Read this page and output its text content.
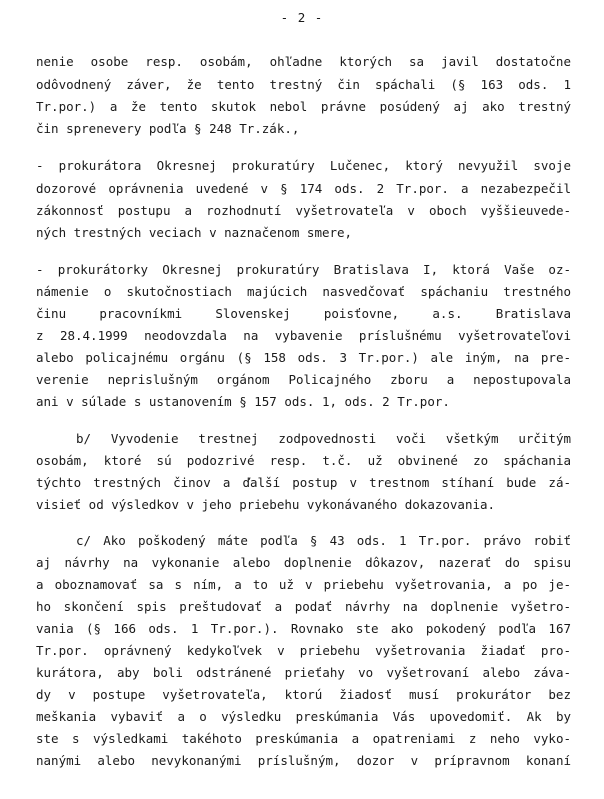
- 2 -
nenie osobe resp. osobám, ohľadne ktorých sa javil dostatočne
odôvodnený záver, že tento trestný čin spáchali (§ 163 ods. 1
Tr.por.) a že tento skutok nebol právne posúdený aj ako trestný
čin sprenevery podľa § 248 Tr.zák.,
- prokurátora Okresnej prokuratúry Lučenec, ktorý nevyužil svoje
dozorové oprávnenia uvedené v § 174 ods. 2 Tr.por. a nezabezpečil
zákonnosť postupu a rozhodnutí vyšetrovateľa v oboch vyššieuvede-
ných trestných veciach v naznačenom smere,
- prokurátorky Okresnej prokuratúry Bratislava I, ktorá Vaše oz-
námenie o skutočnostiach majúcich nasvedčovať spáchaniu trestného
činu pracovníkmi Slovenskej poisťovne, a.s. Bratislava
z 28.4.1999 neodovzdala na vybavenie príslušnému vyšetrovateľovi
alebo policajnému orgánu (§ 158 ods. 3 Tr.por.) ale iným, na pre-
verenie neprislušným orgánom Policajného zboru a nepostupovala
ani v súlade s ustanovením § 157 ods. 1, ods. 2 Tr.por.
b/ Vyvodenie trestnej zodpovednosti voči všetkým určitým
osobám, ktoré sú podozrivé resp. t.č. už obvinené zo spáchania
týchto trestných činov a ďalší postup v trestnom stíhaní bude zá-
visieť od výsledkov v jeho priebehu vykonávaného dokazovania.
c/ Ako poškodený máte podľa § 43 ods. 1 Tr.por. právo robiť
aj návrhy na vykonanie alebo doplnenie dôkazov, nazerať do spisu
a oboznamovať sa s ním, a to už v priebehu vyšetrovania, a po je-
ho skončení spis preštudovať a podať návrhy na doplnenie vyšetro-
vania (§ 166 ods. 1 Tr.por.). Rovnako ste ako pokodený podľa 167
Tr.por. oprávnený kedykoľvek v priebehu vyšetrovania žiadať pro-
kurátora, aby boli odstránené prieťahy vo vyšetrovaní alebo záva-
dy v postupe vyšetrovateľa, ktorú žiadosť musí prokurátor bez
meškania vybaviť a o výsledku preskúmania Vás upovedomiť. Ak by
ste s výsledkami takéhoto preskúmania a opatreniami z neho vyko-
nanými alebo nevykonanými príslušným, dozor v prípravnom konaní
